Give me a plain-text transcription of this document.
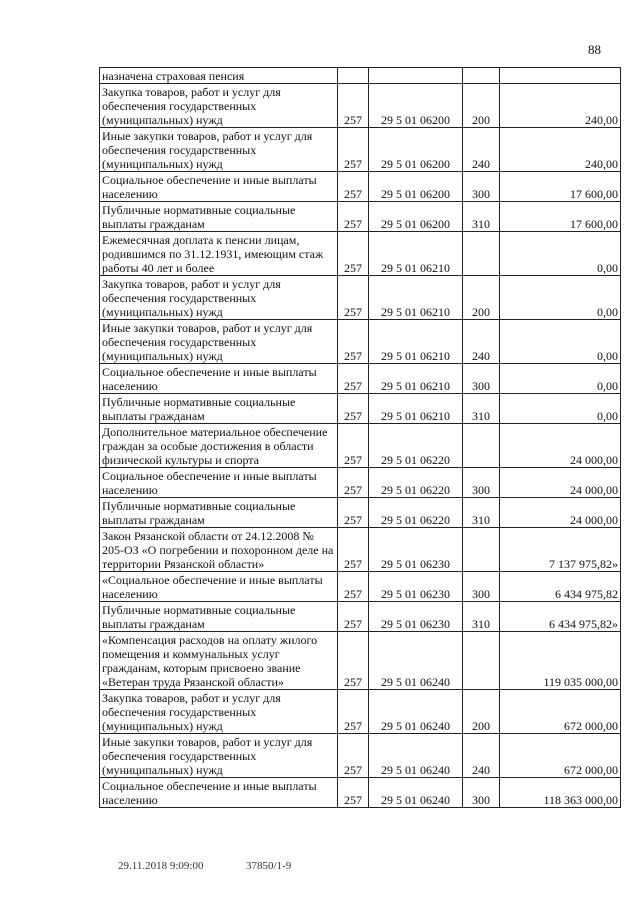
88
назначена страховая пенсия				
Закупка товаров, работ и услуг для обеспечения государственных (муниципальных) нужд	257	29 5 01 06200	200	240,00
Иные закупки товаров, работ и услуг для обеспечения государственных (муниципальных) нужд	257	29 5 01 06200	240	240,00
Социальное обеспечение и иные выплаты населению	257	29 5 01 06200	300	17 600,00
Публичные нормативные социальные выплаты гражданам	257	29 5 01 06200	310	17 600,00
Ежемесячная доплата к пенсии лицам, родившимся по 31.12.1931, имеющим стаж работы 40 лет и более	257	29 5 01 06210		0,00
Закупка товаров, работ и услуг для обеспечения государственных (муниципальных) нужд	257	29 5 01 06210	200	0,00
Иные закупки товаров, работ и услуг для обеспечения государственных (муниципальных) нужд	257	29 5 01 06210	240	0,00
Социальное обеспечение и иные выплаты населению	257	29 5 01 06210	300	0,00
Публичные нормативные социальные выплаты гражданам	257	29 5 01 06210	310	0,00
Дополнительное материальное обеспечение граждан за особые достижения в области физической культуры и спорта	257	29 5 01 06220		24 000,00
Социальное обеспечение и иные выплаты населению	257	29 5 01 06220	300	24 000,00
Публичные нормативные социальные выплаты гражданам	257	29 5 01 06220	310	24 000,00
Закон Рязанской области от 24.12.2008 № 205-ОЗ «О погребении и похоронном деле на территории Рязанской области»	257	29 5 01 06230		7 137 975,82»
«Социальное обеспечение и иные выплаты населению	257	29 5 01 06230	300	6 434 975,82
Публичные нормативные социальные выплаты гражданам	257	29 5 01 06230	310	6 434 975,82»
«Компенсация расходов на оплату жилого помещения и коммунальных услуг гражданам, которым присвоено звание «Ветеран труда Рязанской области»	257	29 5 01 06240		119 035 000,00
Закупка товаров, работ и услуг для обеспечения государственных (муниципальных) нужд	257	29 5 01 06240	200	672 000,00
Иные закупки товаров, работ и услуг для обеспечения государственных (муниципальных) нужд	257	29 5 01 06240	240	672 000,00
Социальное обеспечение и иные выплаты населению	257	29 5 01 06240	300	118 363 000,00
29.11.2018 9:09:00	37850/1-9
